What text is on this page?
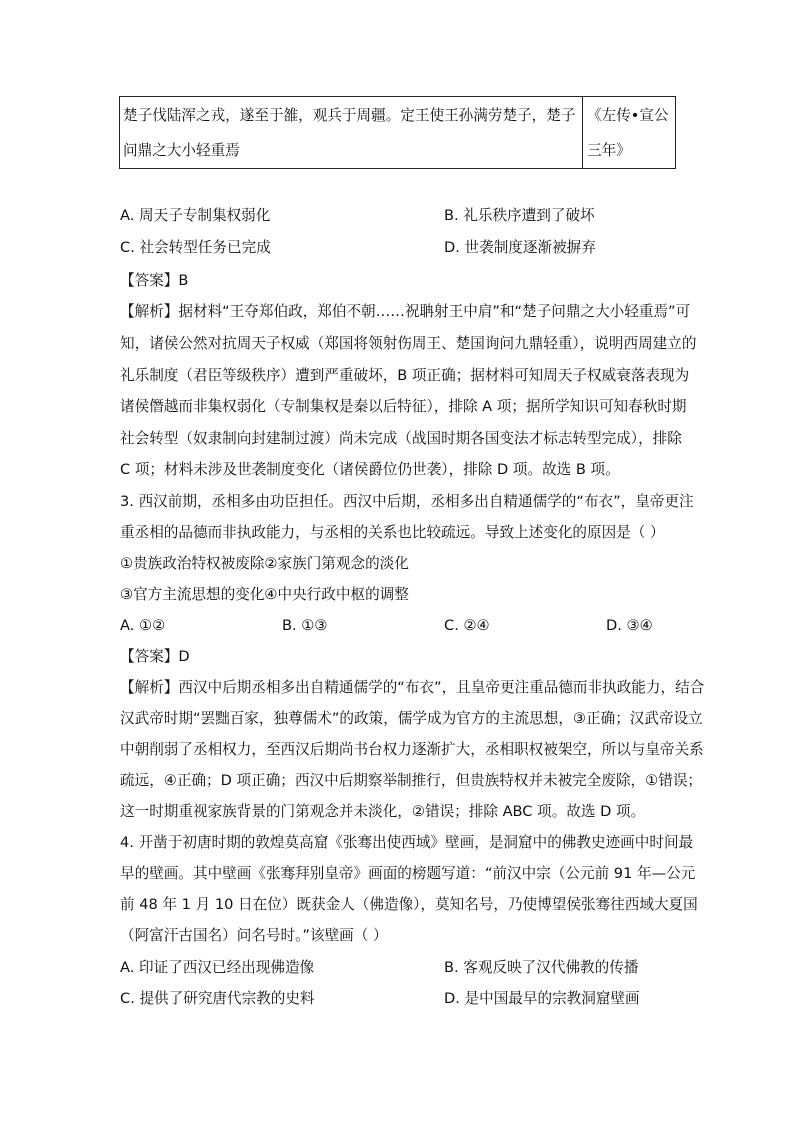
楚子伐陆浑之戎，遂至于雒，观兵于周疆。定王使王孙满劳楚子，楚子
问鼎之大小轻重焉

《左传•宣公
三年》
A. 周天子专制集权弱化	B. 礼乐秩序遭到了破坏
C. 社会转型任务已完成	D. 世袭制度逐渐被摒弃
【答案】B
【解析】据材料“王夺郑伯政，郑伯不朝……祝聃射王中肩”和“楚子问鼎之大小轻重焉”可
知，诸侯公然对抗周天子权威（郑国将领射伤周王、楚国询问九鼎轻重），说明西周建立的
礼乐制度（君臣等级秩序）遭到严重破坏，B 项正确；据材料可知周天子权威衰落表现为
诸侯僭越而非集权弱化（专制集权是秦以后特征），排除 A 项；据所学知识可知春秋时期
社会转型（奴隶制向封建制过渡）尚未完成（战国时期各国变法才标志转型完成），排除
C 项；材料未涉及世袭制度变化（诸侯爵位仍世袭），排除 D 项。故选 B 项。
3. 西汉前期，丞相多由功臣担任。西汉中后期，丞相多出自精通儒学的“布衣”，皇帝更注
重丞相的品德而非执政能力，与丞相的关系也比较疏远。导致上述变化的原因是（ ）
①贵族政治特权被废除②家族门第观念的淡化
③官方主流思想的变化④中央行政中枢的调整
A. ①②	B. ①③	C. ②④	D. ③④
【答案】D
【解析】西汉中后期丞相多出自精通儒学的“布衣”，且皇帝更注重品德而非执政能力，结合
汉武帝时期“罢黜百家，独尊儒术”的政策，儒学成为官方的主流思想，③正确；汉武帝设立
中朝削弱了丞相权力，至西汉后期尚书台权力逐渐扩大，丞相职权被架空，所以与皇帝关系
疏远，④正确；D 项正确；西汉中后期察举制推行，但贵族特权并未被完全废除，①错误；
这一时期重视家族背景的门第观念并未淡化，②错误；排除 ABC 项。故选 D 项。
4. 开凿于初唐时期的敦煌莫高窟《张骞出使西域》壁画，是洞窟中的佛教史迹画中时间最
早的壁画。其中壁画《张骞拜别皇帝》画面的榜题写道：“前汉中宗（公元前 91 年—公元
前 48 年 1 月 10 日在位）既获金人（佛造像），莫知名号，乃使博望侯张骞往西域大夏国
（阿富汗古国名）问名号时。”该壁画（ ）
A. 印证了西汉已经出现佛造像	B. 客观反映了汉代佛教的传播
C. 提供了研究唐代宗教的史料	D. 是中国最早的宗教洞窟壁画
